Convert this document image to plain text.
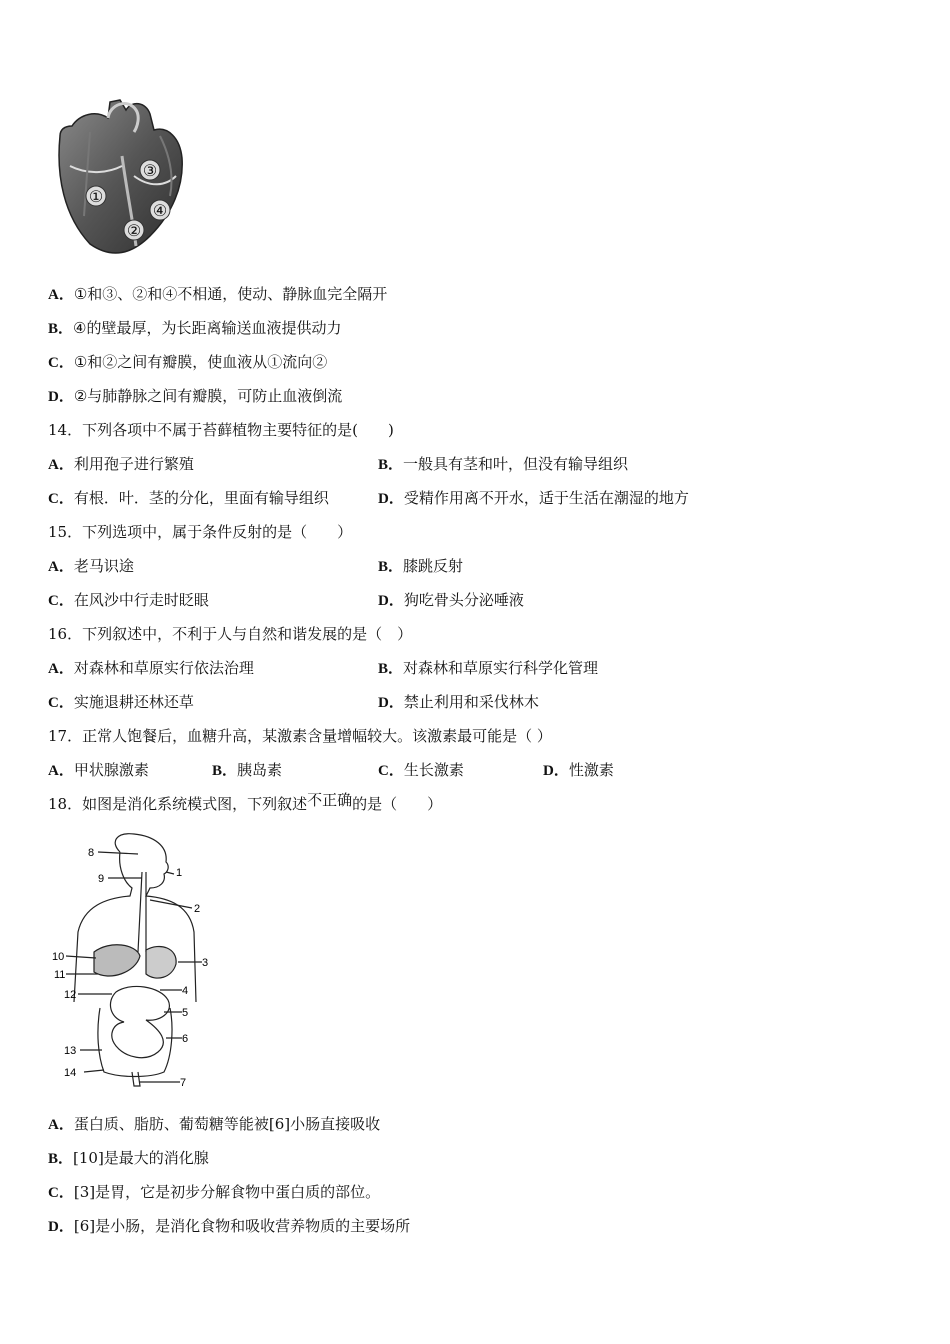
①
②
③
④
A．①和③、②和④不相通，使动、静脉血完全隔开
B．④的壁最厚，为长距离输送血液提供动力
C．①和②之间有瓣膜，使血液从①流向②
D．②与肺静脉之间有瓣膜，可防止血液倒流
14．下列各项中不属于苔藓植物主要特征的是(　　)
A．利用孢子进行繁殖	B．一般具有茎和叶，但没有输导组织
C．有根．叶．茎的分化，里面有输导组织	D．受精作用离不开水，适于生活在潮湿的地方
15．下列选项中，属于条件反射的是（　　）
A．老马识途	B．膝跳反射
C．在风沙中行走时眨眼	D．狗吃骨头分泌唾液
16．下列叙述中，不利于人与自然和谐发展的是（　）
A．对森林和草原实行依法治理	B．对森林和草原实行科学化管理
C．实施退耕还林还草	D．禁止利用和采伐林木
17．正常人饱餐后，血糖升高，某激素含量增幅较大。该激素最可能是（ ）
A．甲状腺激素	B．胰岛素	C．生长激素	D．性激素
18．如图是消化系统模式图，下列叙述不正确的是（　　）
8
9	1
2
10
11
3
12	4
5
6
13
14
7
A．蛋白质、脂肪、葡萄糖等能被[6]小肠直接吸收
B．[10]是最大的消化腺
C．[3]是胃，它是初步分解食物中蛋白质的部位。
D．[6]是小肠，是消化食物和吸收营养物质的主要场所
